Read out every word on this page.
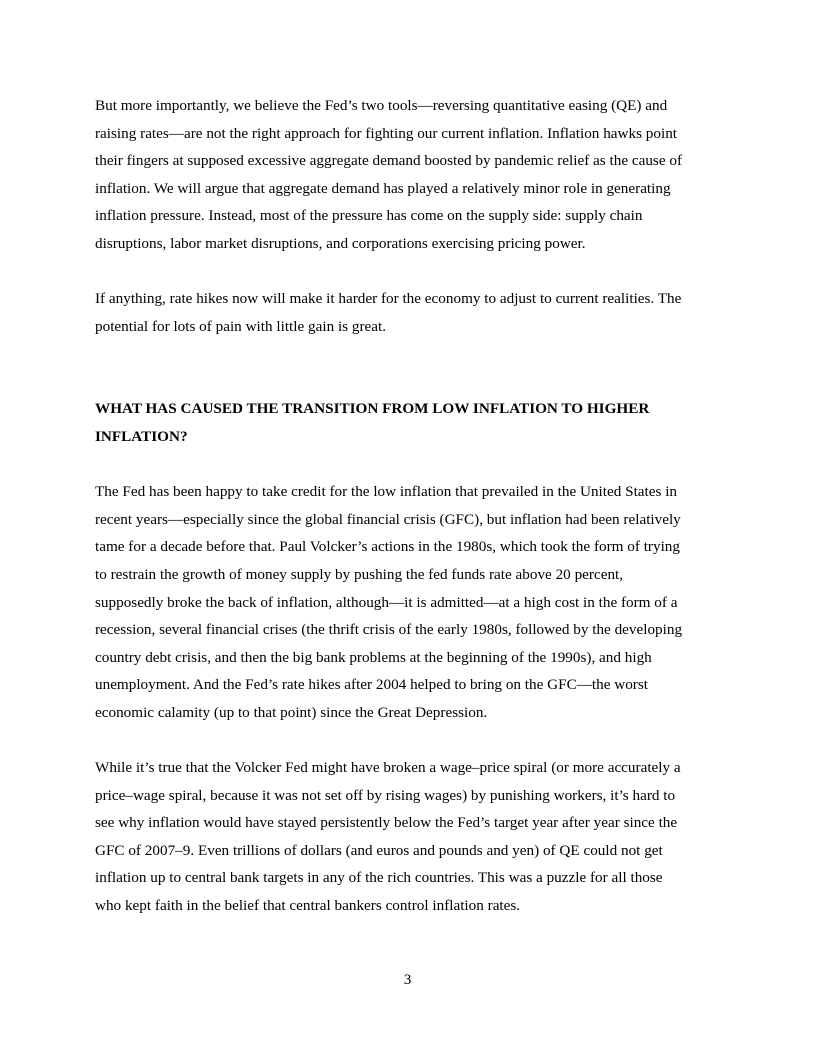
But more importantly, we believe the Fed’s two tools—reversing quantitative easing (QE) and
raising rates—are not the right approach for fighting our current inflation. Inflation hawks point
their fingers at supposed excessive aggregate demand boosted by pandemic relief as the cause of
inflation. We will argue that aggregate demand has played a relatively minor role in generating
inflation pressure. Instead, most of the pressure has come on the supply side: supply chain
disruptions, labor market disruptions, and corporations exercising pricing power.

If anything, rate hikes now will make it harder for the economy to adjust to current realities. The
potential for lots of pain with little gain is great.

WHAT HAS CAUSED THE TRANSITION FROM LOW INFLATION TO HIGHER
INFLATION?

The Fed has been happy to take credit for the low inflation that prevailed in the United States in
recent years—especially since the global financial crisis (GFC), but inflation had been relatively
tame for a decade before that. Paul Volcker’s actions in the 1980s, which took the form of trying
to restrain the growth of money supply by pushing the fed funds rate above 20 percent,
supposedly broke the back of inflation, although—it is admitted—at a high cost in the form of a
recession, several financial crises (the thrift crisis of the early 1980s, followed by the developing
country debt crisis, and then the big bank problems at the beginning of the 1990s), and high
unemployment. And the Fed’s rate hikes after 2004 helped to bring on the GFC—the worst
economic calamity (up to that point) since the Great Depression.

While it’s true that the Volcker Fed might have broken a wage–price spiral (or more accurately a
price–wage spiral, because it was not set off by rising wages) by punishing workers, it’s hard to
see why inflation would have stayed persistently below the Fed’s target year after year since the
GFC of 2007–9. Even trillions of dollars (and euros and pounds and yen) of QE could not get
inflation up to central bank targets in any of the rich countries. This was a puzzle for all those
who kept faith in the belief that central bankers control inflation rates.

3
